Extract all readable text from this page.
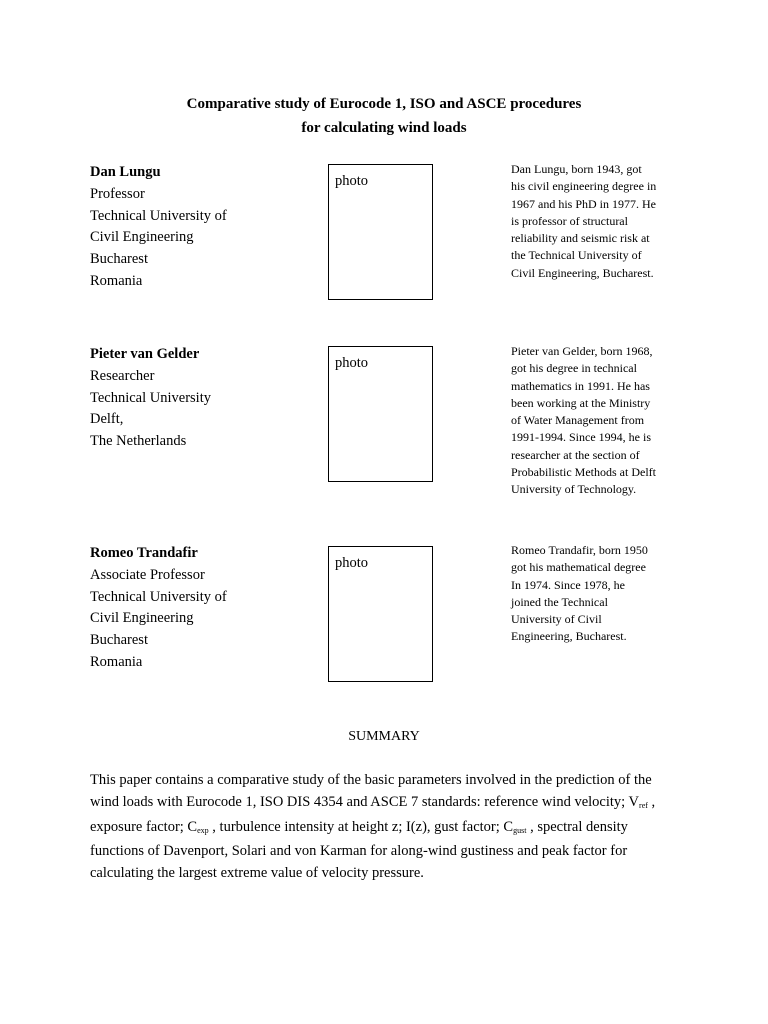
Comparative study of Eurocode 1, ISO and ASCE procedures
for calculating wind loads
Dan Lungu
Professor
Technical University of
Civil Engineering
Bucharest
Romania
photo
Dan Lungu, born 1943, got
his civil engineering degree in
1967 and his PhD in 1977. He
is professor of structural
reliability and seismic risk at
the Technical University of
Civil Engineering, Bucharest.
Pieter van Gelder
Researcher
Technical University
Delft,
The Netherlands
photo
Pieter van Gelder, born 1968,
got his degree in technical
mathematics in 1991. He has
been working at the Ministry
of Water Management from
1991-1994. Since 1994, he is
researcher at the section of
Probabilistic Methods at Delft
University of Technology.
Romeo Trandafir
Associate Professor
Technical University of
Civil Engineering
Bucharest
Romania
photo
Romeo Trandafir, born 1950
got his mathematical degree
In 1974. Since 1978, he
joined the Technical
University of Civil
Engineering, Bucharest.
SUMMARY
This paper contains a comparative study of the basic parameters involved in the prediction of the
wind loads with Eurocode 1, ISO DIS 4354 and ASCE 7 standards: reference wind velocity; $V_{ref}$ ,
exposure factor; $C_{exp}$ , turbulence intensity at height z; I(z), gust factor; $C_{gust}$ , spectral density
functions of Davenport, Solari and von Karman for along-wind gustiness and peak factor for
calculating the largest extreme value of velocity pressure.
